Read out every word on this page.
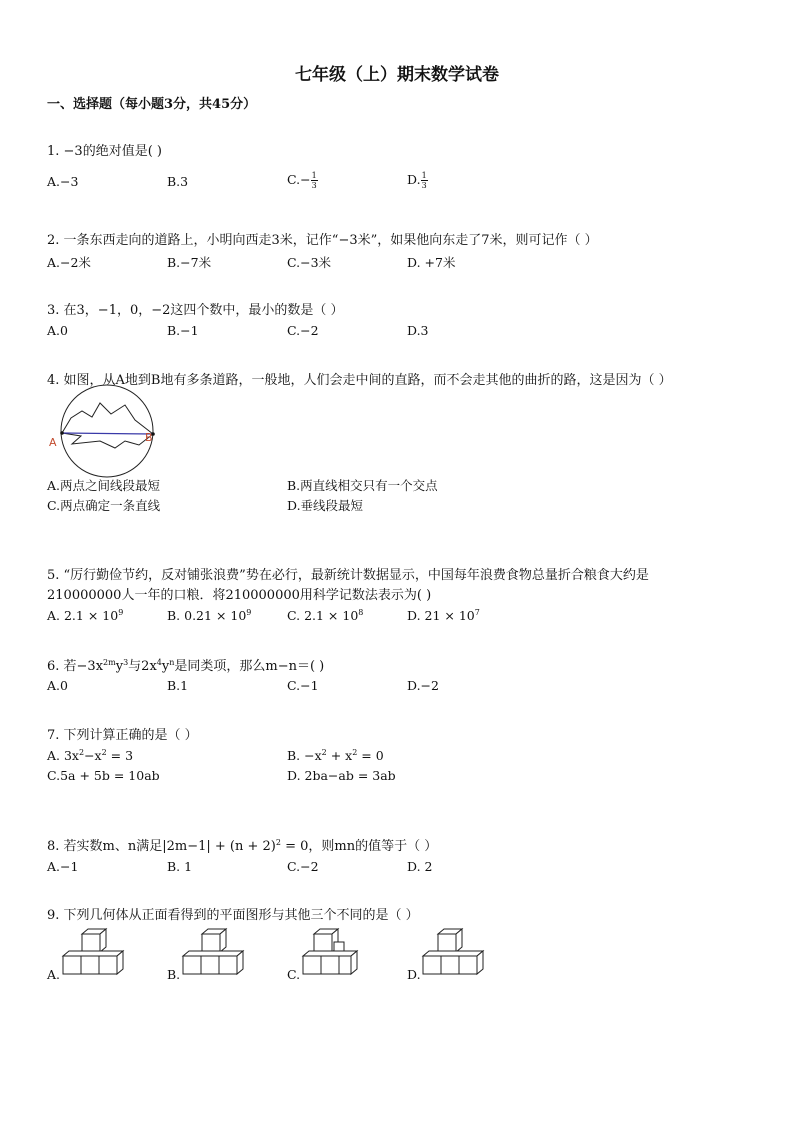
七年级（上）期末数学试卷
一、选择题（每小题3分，共45分）
1. −3的绝对值是( )
A.−3	B.3	$C.- \frac{1}{3}$	D. $\frac{1}{3}$
2. 一条东西走向的道路上，小明向西走3米，记作“−3米”，如果他向东走了7米，则可记作（ ）
A.−2米	B.−7米	C.−3米	D. +7米
3. 在3，−1，0，−2这四个数中，最小的数是（ ）
A.0	B.−1	C.−2	D.3
4. 如图，从A地到B地有多条道路，一般地，人们会走中间的直路，而不会走其他的曲折的路，这是因为（ ）
A	B
A.两点之间线段最短	B.两直线相交只有一个交点
C.两点确定一条直线	D.垂线段最短
5. “厉行勤俭节约，反对铺张浪费”势在必行，最新统计数据显示，中国每年浪费食物总量折合粮食大约是
210000000人一年的口粮．将210000000用科学记数法表示为( )
A. $2.1 \times 10^9$	B. $0.21 \times 10^9$	C. $2.1 \times 10^8$	D. $21 \times 10^7$
6. 若$-3x^{2m}y^3$与$2x^4y^n$是同类项，那么m−n＝( )
A.0	B.1	C.−1	D.−2
7. 下列计算正确的是（ ）
A. $3x^2-x^2 = 3$	B. $-x^2 + x^2 = 0$
C.5a + 5b = 10ab	D. 2ba−ab = 3ab
8. 若实数m、n满足$|2m-1| + (n + 2)^2 = 0$，则mn的值等于（ ）
A.−1	B. 1	C.−2	D. 2
9. 下列几何体从正面看得到的平面图形与其他三个不同的是（ ）
A.	B.	C.	D.
